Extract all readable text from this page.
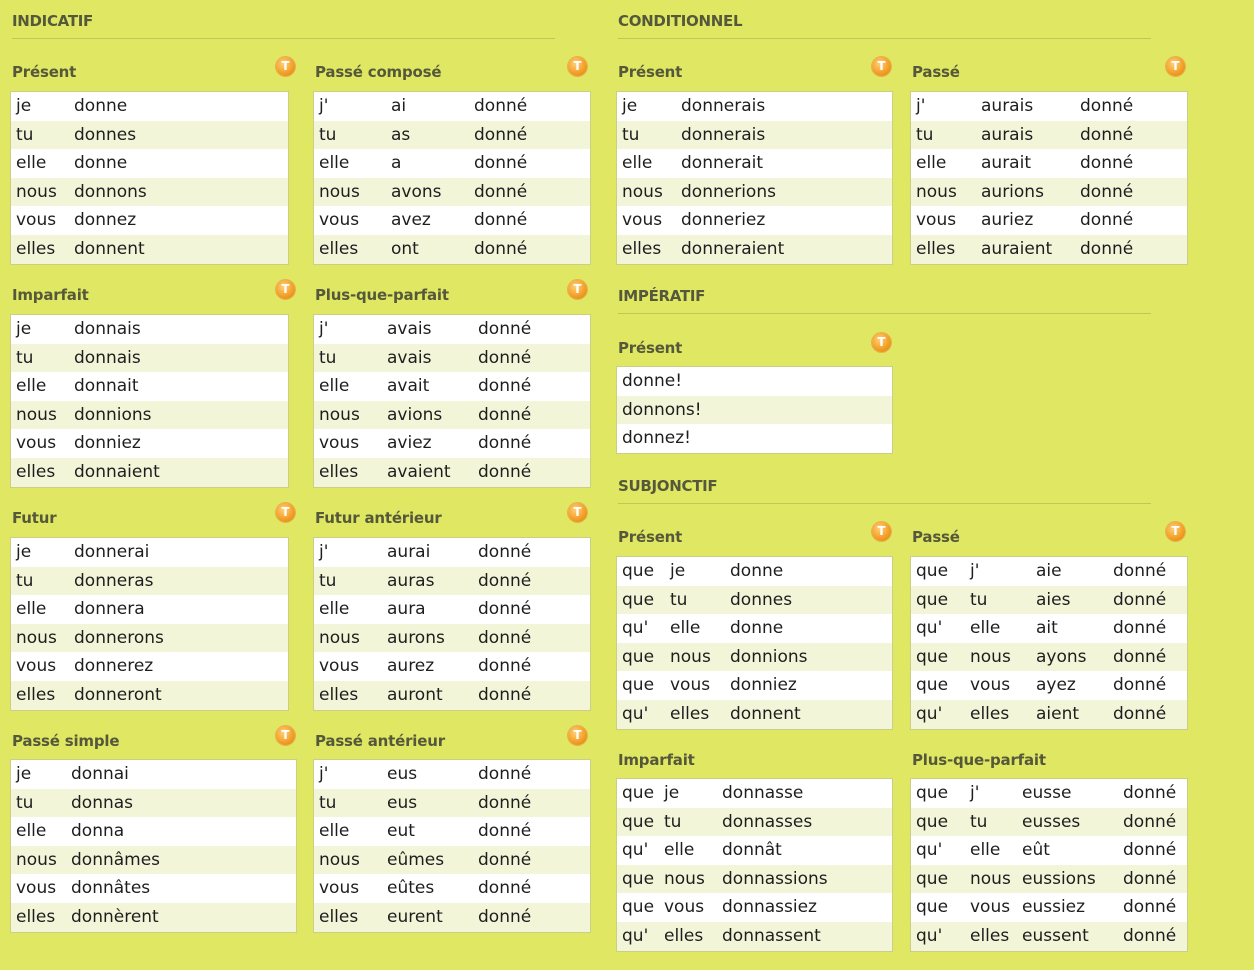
INDICATIF	CONDITIONNEL
IMPÉRATIF
SUBJONCTIF
Présent	T
je	donne
tu donnes
elle donne
nous donnons
vous donnez
elles donnent
Passé composé	T
j'	ai	donné
tu	as	donné
elle a	donné
nous avons donné
vous avez	donné
elles ont	donné
Imparfait	T
je	donnais
tu donnais
elle donnait
nous donnions
vous donniez
elles donnaient
Plus-que-parfait	T
j'	avais	donné
tu	avais	donné
elle avait	donné
nous avions donné
vous aviez	donné
elles avaient donné
Futur	T
je	donnerai
tu donneras
elle donnera
nous donnerons
vous donnerez
elles donneront
Futur antérieur	T
j'	aurai	donné
tu	auras	donné
elle aura	donné
nous aurons donné
vous aurez	donné
elles auront donné
Passé simple	T
je donnai
tu donnas
elle donna
nous donnâmes
vous donnâtes
elles donnèrent
Passé antérieur	T
j'	eus	donné
tu	eus	donné
elle eut	donné
nous eûmes donné
vous eûtes	donné
elles eurent donné
Présent	T
je	donnerais
tu donnerais
elle donnerait
nous donnerions
vous donneriez
elles donneraient
Passé	T
j'	aurais	donné
tu	aurais	donné
elle aurait	donné
nous aurions donné
vous auriez	donné
elles auraient donné
Présent	T
donne!
donnons!
donnez!
Présent	T
que je	donne
que tu	donnes
qu' elle donne
que nous donnions
que vous donniez
qu' elles donnent
Passé	T
que j'	aie	donné
que tu	aies	donné
qu' elle ait	donné
que nous ayons donné
que vous ayez donné
qu' elles aient donné
Imparfait
que je	donnasse
que tu donnasses
qu' elle donnât
que nous donnassions
que vous donnassiez
qu' elles donnassent
Plus-que-parfait
que j'	eusse	donné
que tu eusses	donné
qu' elle eût	donné
que nous eussions donné
que vous eussiez donné
qu' elles eussent donné
